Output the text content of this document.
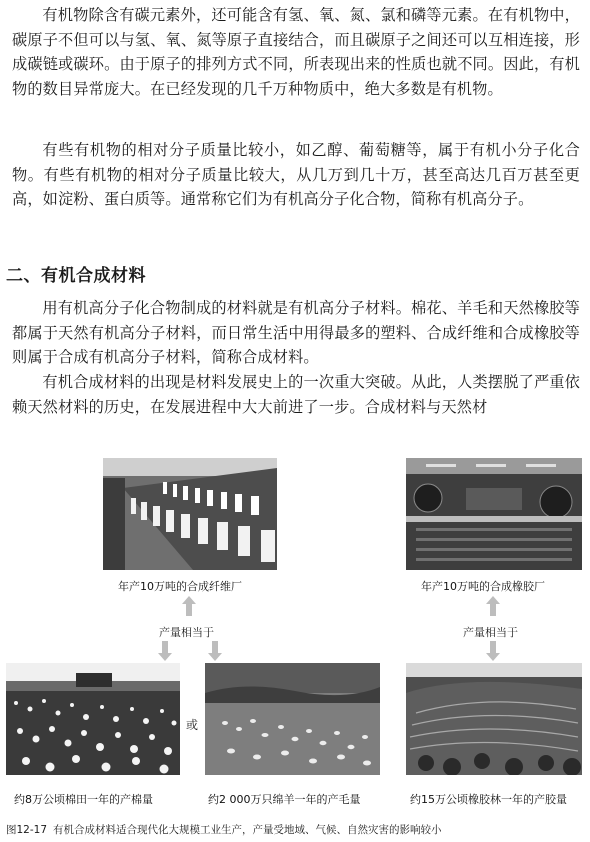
有机物除含有碳元素外，还可能含有氢、氧、氮、氯和磷等元素。在有机物中，碳原子不但可以与氢、氧、氮等原子直接结合，而且碳原子之间还可以互相连接，形成碳链或碳环。由于原子的排列方式不同，所表现出来的性质也就不同。因此，有机物的数目异常庞大。在已经发现的几千万种物质中，绝大多数是有机物。

有些有机物的相对分子质量比较小，如乙醇、葡萄糖等，属于有机小分子化合物。有些有机物的相对分子质量比较大，从几万到几十万，甚至高达几百万甚至更高，如淀粉、蛋白质等。通常称它们为有机高分子化合物，简称有机高分子。

二、有机合成材料

用有机高分子化合物制成的材料就是有机高分子材料。棉花、羊毛和天然橡胶等都属于天然有机高分子材料，而日常生活中用得最多的塑料、合成纤维和合成橡胶等则属于合成有机高分子材料，简称合成材料。

有机合成材料的出现是材料发展史上的一次重大突破。从此，人类摆脱了严重依赖天然材料的历史，在发展进程中大大前进了一步。合成材料与天然材

年产10万吨的合成纤维厂	年产10万吨的合成橡胶厂
产量相当于	产量相当于
约8万公顷棉田一年的产棉量
或
约2 000万只绵羊一年的产毛量	约15万公顷橡胶林一年的产胶量
图12-17 有机合成材料适合现代化大规模工业生产，产量受地域、气候、自然灾害的影响较小
